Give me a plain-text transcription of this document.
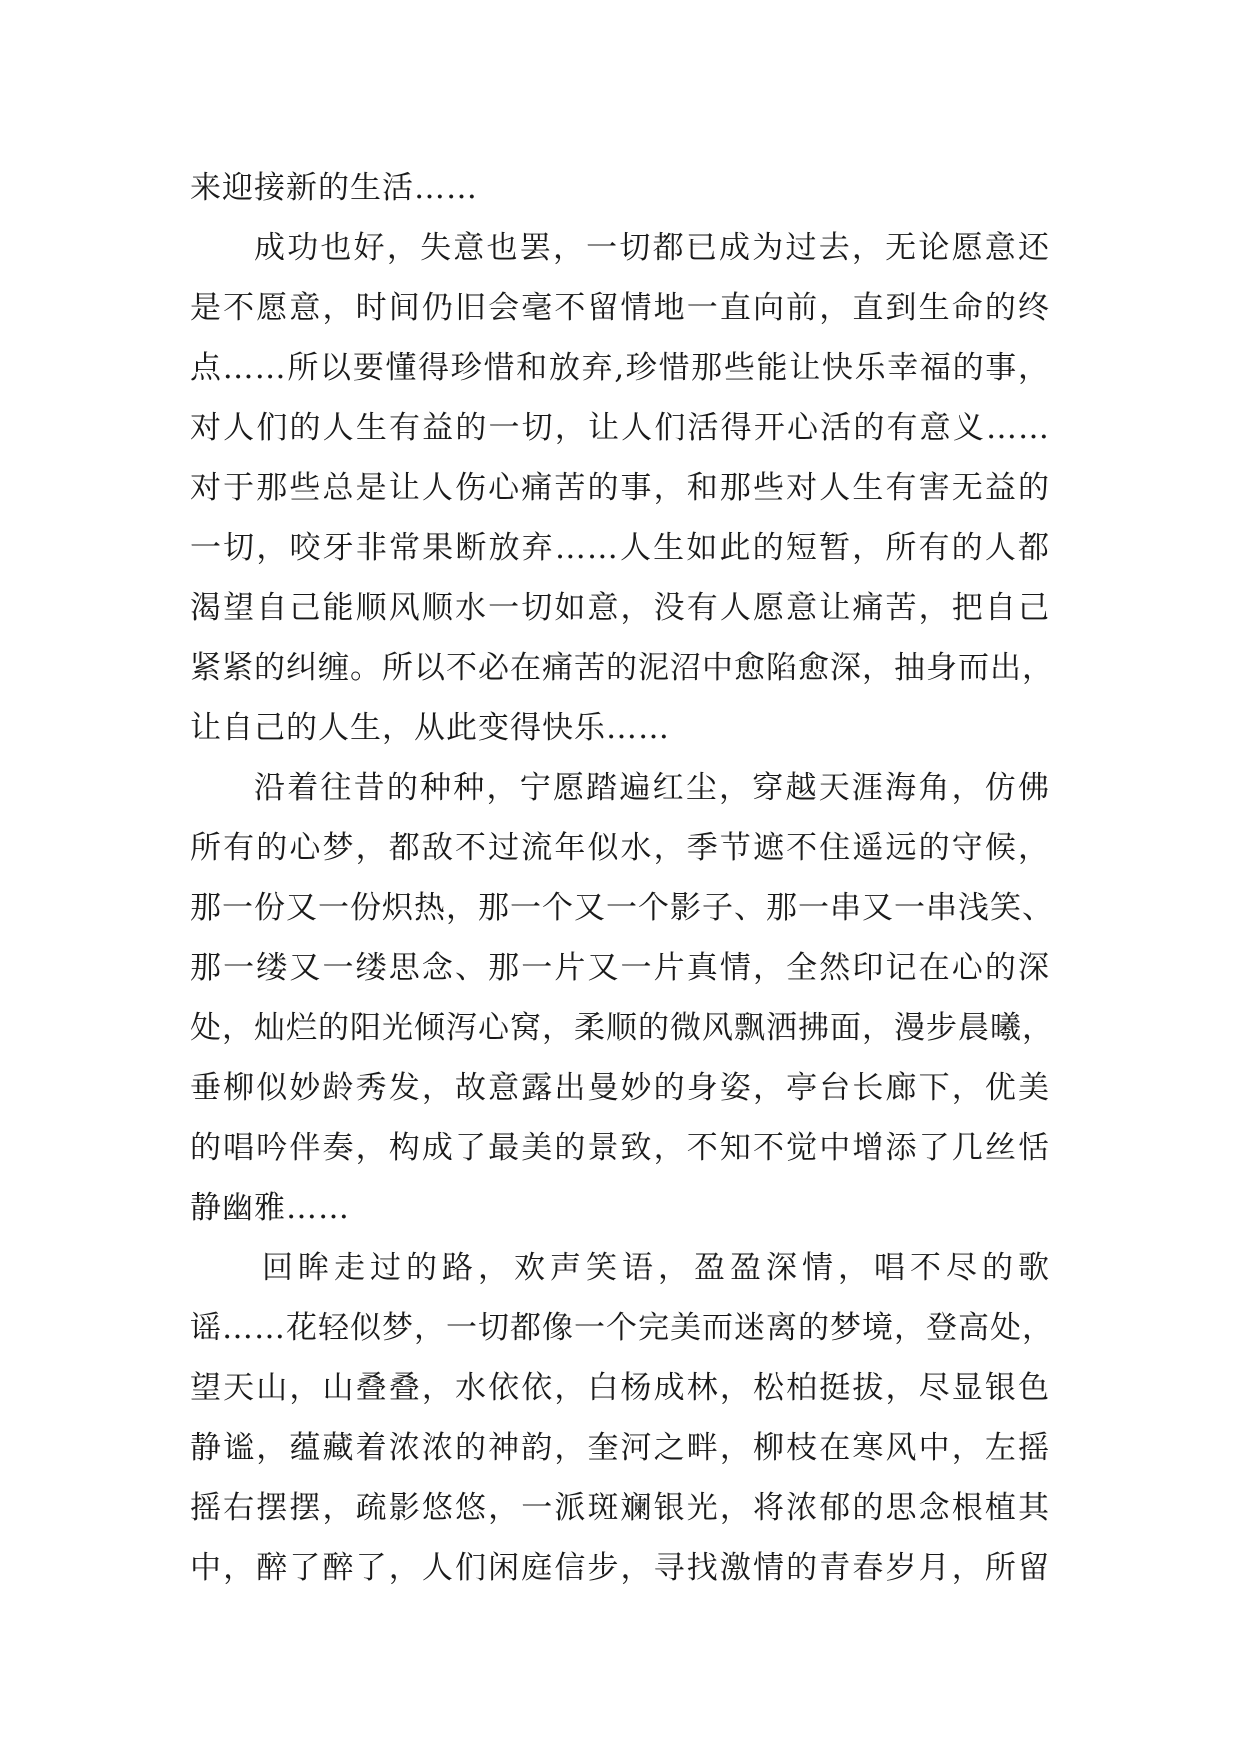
来迎接新的生活……
成功也好，失意也罢，一切都已成为过去，无论愿意还
是不愿意，时间仍旧会毫不留情地一直向前，直到生命的终
点……所以要懂得珍惜和放弃,珍惜那些能让快乐幸福的事，
对人们的人生有益的一切，让人们活得开心活的有意义……
对于那些总是让人伤心痛苦的事，和那些对人生有害无益的
一切，咬牙非常果断放弃……人生如此的短暂，所有的人都
渴望自己能顺风顺水一切如意，没有人愿意让痛苦，把自己
紧紧的纠缠。所以不必在痛苦的泥沼中愈陷愈深，抽身而出，
让自己的人生，从此变得快乐……
沿着往昔的种种，宁愿踏遍红尘，穿越天涯海角，仿佛
所有的心梦，都敌不过流年似水，季节遮不住遥远的守候，
那一份又一份炽热，那一个又一个影子、那一串又一串浅笑、
那一缕又一缕思念、那一片又一片真情，全然印记在心的深
处，灿烂的阳光倾泻心窝，柔顺的微风飘洒拂面，漫步晨曦，
垂柳似妙龄秀发，故意露出曼妙的身姿，亭台长廊下，优美
的唱吟伴奏，构成了最美的景致，不知不觉中增添了几丝恬
静幽雅……
回眸走过的路，欢声笑语，盈盈深情，唱不尽的歌
谣……花轻似梦，一切都像一个完美而迷离的梦境，登高处，
望天山，山叠叠，水依依，白杨成林，松柏挺拔，尽显银色
静谧，蕴藏着浓浓的神韵，奎河之畔，柳枝在寒风中，左摇
摇右摆摆，疏影悠悠，一派斑斓银光，将浓郁的思念根植其
中，醉了醉了，人们闲庭信步，寻找激情的青春岁月，所留
